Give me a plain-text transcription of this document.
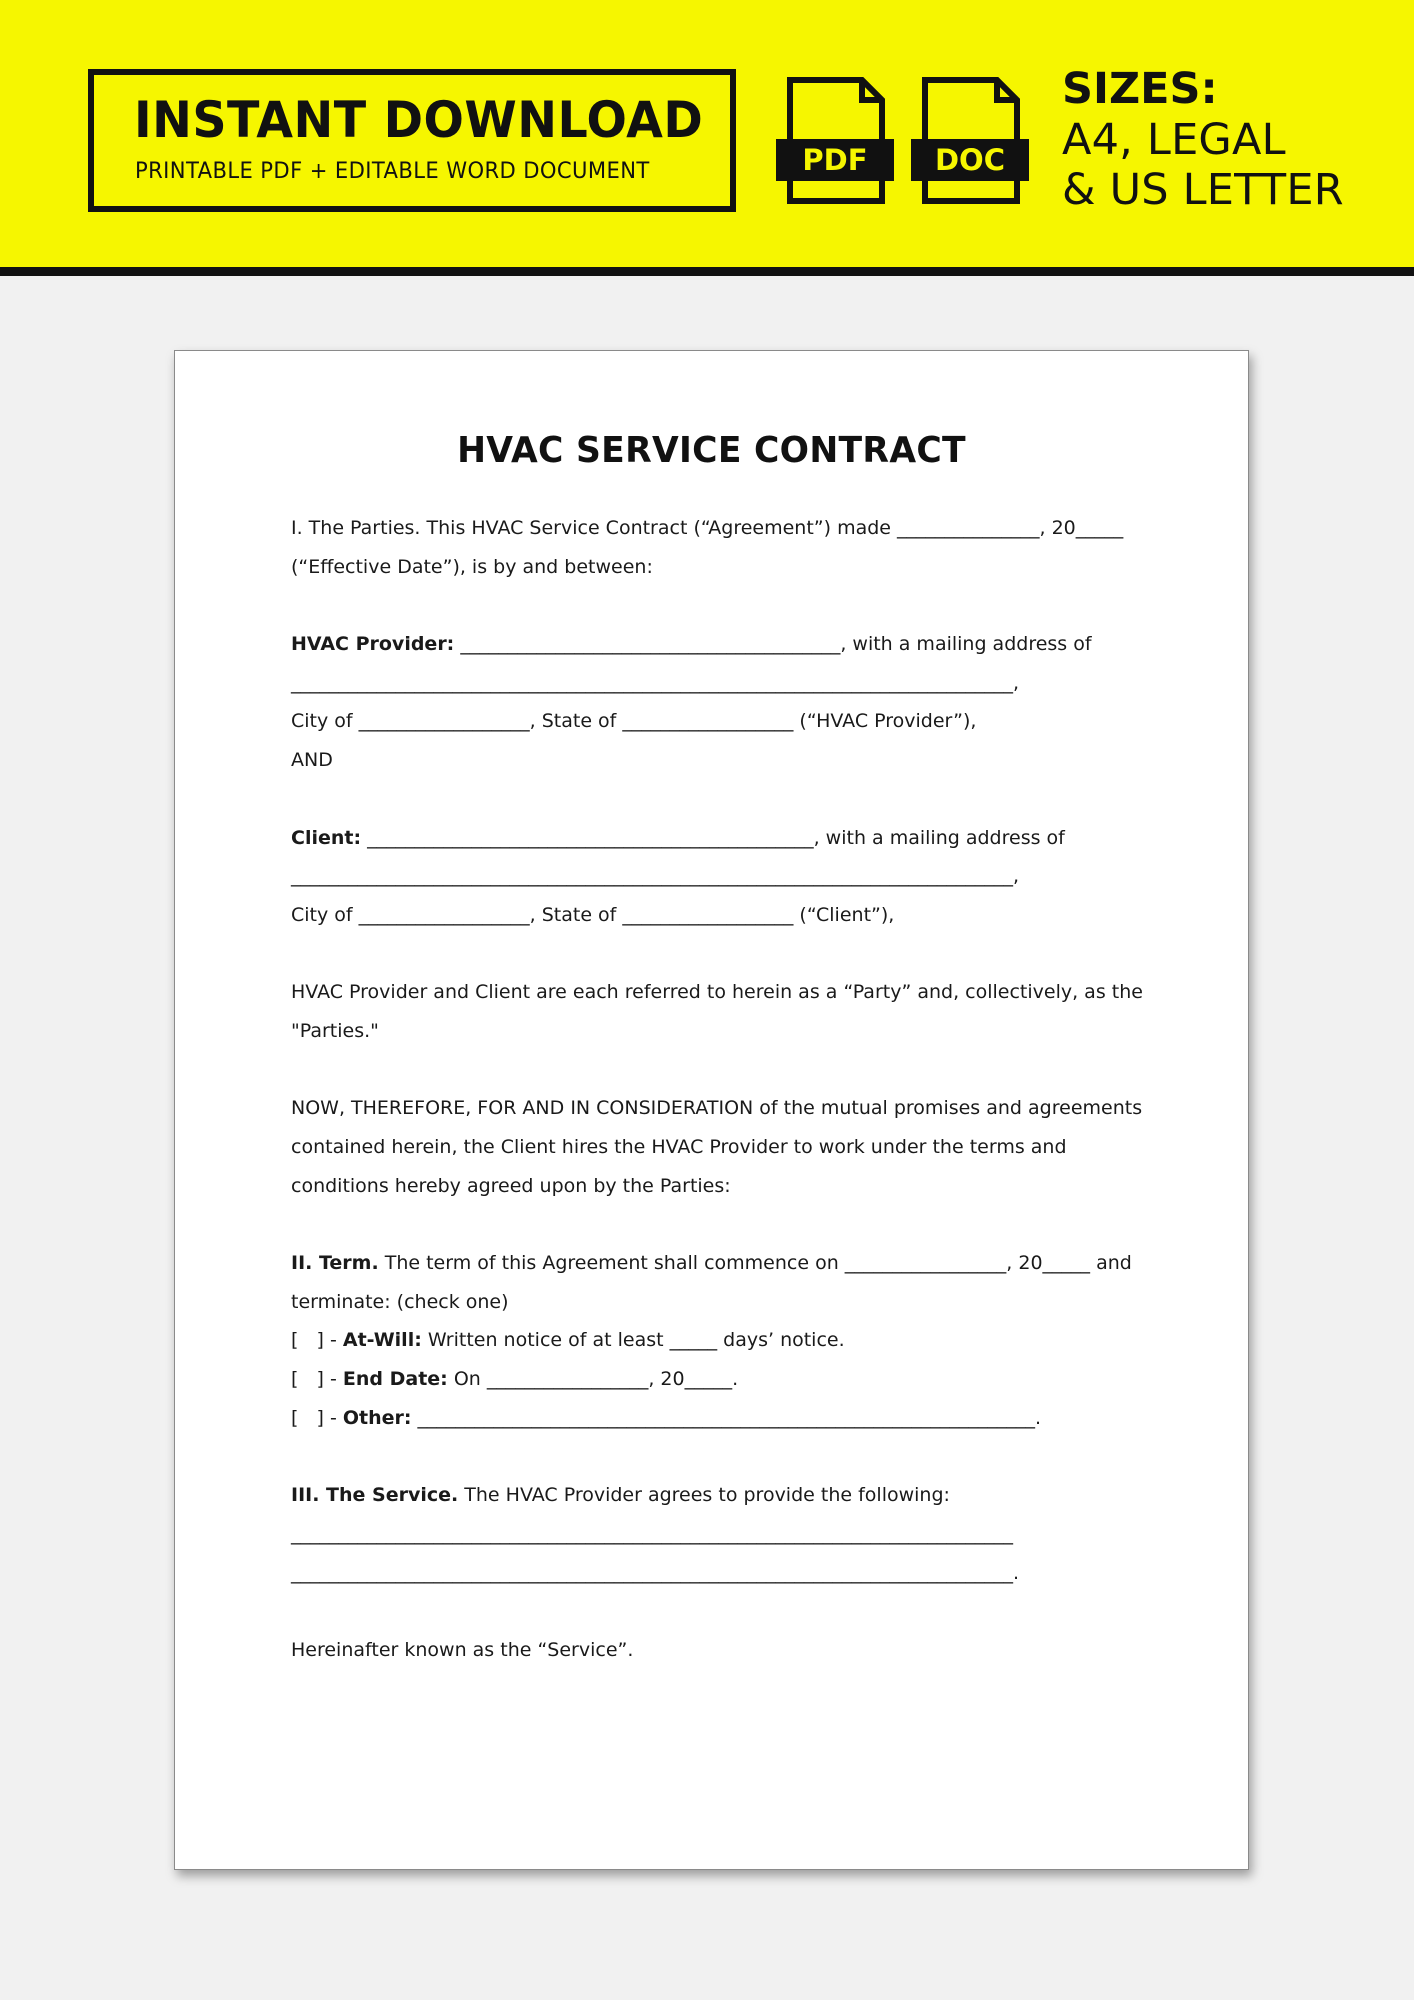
INSTANT DOWNLOAD
PRINTABLE PDF + EDITABLE WORD DOCUMENT	PDF	DOC
SIZES:
A4, LEGAL
& US LETTER
HVAC SERVICE CONTRACT
I. The Parties. This HVAC Service Contract (“Agreement”) made _______________, 20_____
(“Effective Date”), is by and between:
HVAC Provider: ________________________________________, with a mailing address of
____________________________________________________________________________,
City of __________________, State of __________________ (“HVAC Provider”),
AND
Client: _______________________________________________, with a mailing address of
____________________________________________________________________________,
City of __________________, State of __________________ (“Client”),
HVAC Provider and Client are each referred to herein as a “Party” and, collectively, as the
"Parties."
NOW, THEREFORE, FOR AND IN CONSIDERATION of the mutual promises and agreements
contained herein, the Client hires the HVAC Provider to work under the terms and
conditions hereby agreed upon by the Parties:
II. Term. The term of this Agreement shall commence on _________________, 20_____ and
terminate: (check one)
[   ] - At-Will: Written notice of at least _____ days’ notice.
[   ] - End Date: On _________________, 20_____.
[   ] - Other: _________________________________________________________________.
III. The Service. The HVAC Provider agrees to provide the following:
____________________________________________________________________________
____________________________________________________________________________.
Hereinafter known as the “Service”.
